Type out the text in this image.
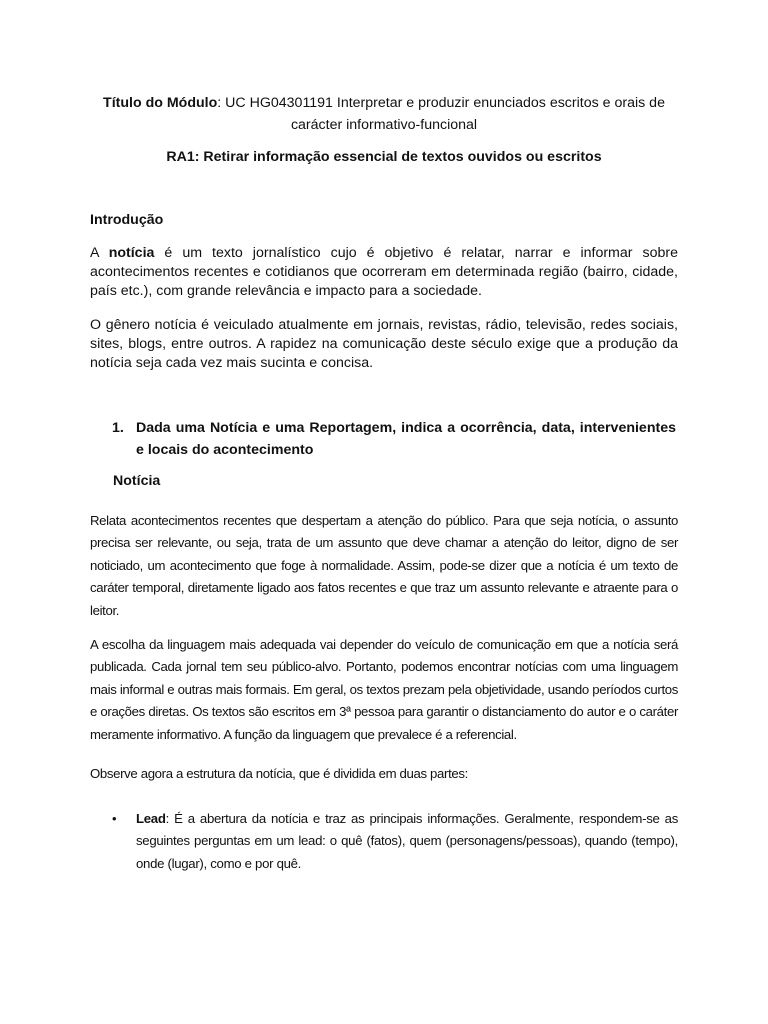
Título do Módulo: UC HG04301191 Interpretar e produzir enunciados escritos e orais de
carácter informativo-funcional
RA1: Retirar informação essencial de textos ouvidos ou escritos
Introdução
A notícia é um texto jornalístico cujo é objetivo é relatar, narrar e informar sobre acontecimentos recentes e cotidianos que ocorreram em determinada região (bairro, cidade, país etc.), com grande relevância e impacto para a sociedade.
O gênero notícia é veiculado atualmente em jornais, revistas, rádio, televisão, redes sociais, sites, blogs, entre outros. A rapidez na comunicação deste século exige que a produção da notícia seja cada vez mais sucinta e concisa.
1. Dada uma Notícia e uma Reportagem, indica a ocorrência, data, intervenientes e locais do acontecimento
Notícia
Relata acontecimentos recentes que despertam a atenção do público. Para que seja notícia, o assunto precisa ser relevante, ou seja, trata de um assunto que deve chamar a atenção do leitor, digno de ser noticiado, um acontecimento que foge à normalidade. Assim, pode-se dizer que a notícia é um texto de caráter temporal, diretamente ligado aos fatos recentes e que traz um assunto relevante e atraente para o leitor.
A escolha da linguagem mais adequada vai depender do veículo de comunicação em que a notícia será publicada. Cada jornal tem seu público-alvo. Portanto, podemos encontrar notícias com uma linguagem mais informal e outras mais formais. Em geral, os textos prezam pela objetividade, usando períodos curtos e orações diretas. Os textos são escritos em 3ª pessoa para garantir o distanciamento do autor e o caráter meramente informativo. A função da linguagem que prevalece é a referencial.
Observe agora a estrutura da notícia, que é dividida em duas partes:
• Lead: É a abertura da notícia e traz as principais informações. Geralmente, respondem-se as seguintes perguntas em um lead: o quê (fatos), quem (personagens/pessoas), quando (tempo), onde (lugar), como e por quê.
